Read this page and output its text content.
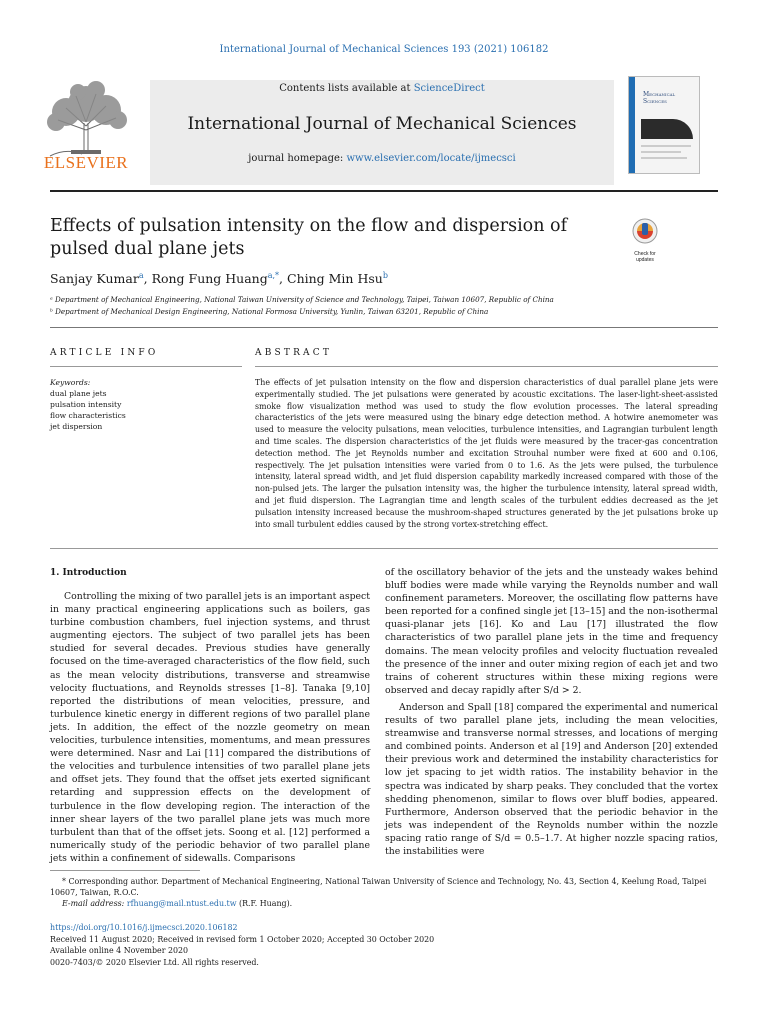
International Journal of Mechanical Sciences 193 (2021) 106182
ELSEVIER
Contents lists available at ScienceDirect
International Journal of Mechanical Sciences
journal homepage: www.elsevier.com/locate/ijmecsci
Mechanical
Sciences
Effects of pulsation intensity on the flow and dispersion of pulsed dual plane jets	Check for
updates
Sanjay Kumar$^a$, Rong Fung Huang$^{a,*}$, Ching Min Hsu$^b$
ᵃ Department of Mechanical Engineering, National Taiwan University of Science and Technology, Taipei, Taiwan 10607, Republic of China
ᵇ Department of Mechanical Design Engineering, National Formosa University, Yunlin, Taiwan 63201, Republic of China
ARTICLE INFO	ABSTRACT
Keywords:
dual plane jets
pulsation intensity
flow characteristics
jet dispersion
The effects of jet pulsation intensity on the flow and dispersion characteristics of dual parallel plane jets were experimentally studied. The jet pulsations were generated by acoustic excitations. The laser-light-sheet-assisted smoke flow visualization method was used to study the flow evolution processes. The lateral spreading characteristics of the jets were measured using the binary edge detection method. A hotwire anemometer was used to measure the velocity pulsations, mean velocities, turbulence intensities, and Lagrangian turbulent length and time scales. The dispersion characteristics of the jet fluids were measured by the tracer-gas concentration detection method. The jet Reynolds number and excitation Strouhal number were fixed at 600 and 0.106, respectively. The jet pulsation intensities were varied from 0 to 1.6. As the jets were pulsed, the turbulence intensity, lateral spread width, and jet fluid dispersion capability markedly increased compared with those of the non-pulsed jets. The larger the pulsation intensity was, the higher the turbulence intensity, lateral spread width, and jet fluid dispersion. The Lagrangian time and length scales of the turbulent eddies decreased as the jet pulsation intensity increased because the mushroom-shaped structures generated by the jet pulsations broke up into small turbulent eddies caused by the strong vortex-stretching effect.
1. Introduction

Controlling the mixing of two parallel jets is an important aspect in many practical engineering applications such as boilers, gas turbine combustion chambers, fuel injection systems, and thrust augmenting ejectors. The subject of two parallel jets has been studied for several decades. Previous studies have generally focused on the time-averaged characteristics of the flow field, such as the mean velocity distributions, transverse and streamwise velocity fluctuations, and Reynolds stresses [1–8]. Tanaka [9,10] reported the distributions of mean velocities, pressure, and turbulence kinetic energy in different regions of two parallel plane jets. In addition, the effect of the nozzle geometry on mean velocities, turbulence intensities, momentums, and mean pressures were determined. Nasr and Lai [11] compared the distributions of the velocities and turbulence intensities of two parallel plane jets and offset jets. They found that the offset jets exerted significant retarding and suppression effects on the development of turbulence in the flow developing region. The interaction of the inner shear layers of the two parallel plane jets was much more turbulent than that of the offset jets. Soong et al. [12] performed a numerically study of the periodic behavior of two parallel plane jets within a confinement of sidewalls. Comparisons

of the oscillatory behavior of the jets and the unsteady wakes behind bluff bodies were made while varying the Reynolds number and wall confinement parameters. Moreover, the oscillating flow patterns have been reported for a confined single jet [13–15] and the non-isothermal quasi-planar jets [16]. Ko and Lau [17] illustrated the flow characteristics of two parallel plane jets in the time and frequency domains. The mean velocity profiles and velocity fluctuation revealed the presence of the inner and outer mixing region of each jet and two trains of coherent structures within these mixing regions were observed and decay rapidly after S/d > 2.

Anderson and Spall [18] compared the experimental and numerical results of two parallel plane jets, including the mean velocities, streamwise and transverse normal stresses, and locations of merging and combined points. Anderson et al [19] and Anderson [20] extended their previous work and determined the instability characteristics for low jet spacing to jet width ratios. The instability behavior in the spectra was indicated by sharp peaks. They concluded that the vortex shedding phenomenon, similar to flows over bluff bodies, appeared. Furthermore, Anderson observed that the periodic behavior in the jets was independent of the Reynolds number within the nozzle spacing ratio range of S/d = 0.5–1.7. At higher nozzle spacing ratios, the instabilities were

* Corresponding author. Department of Mechanical Engineering, National Taiwan University of Science and Technology, No. 43, Section 4, Keelung Road, Taipei 10607, Taiwan, R.O.C.
E-mail address: rfhuang@mail.ntust.edu.tw (R.F. Huang).
https://doi.org/10.1016/j.ijmecsci.2020.106182
Received 11 August 2020; Received in revised form 1 October 2020; Accepted 30 October 2020
Available online 4 November 2020
0020-7403/© 2020 Elsevier Ltd. All rights reserved.
